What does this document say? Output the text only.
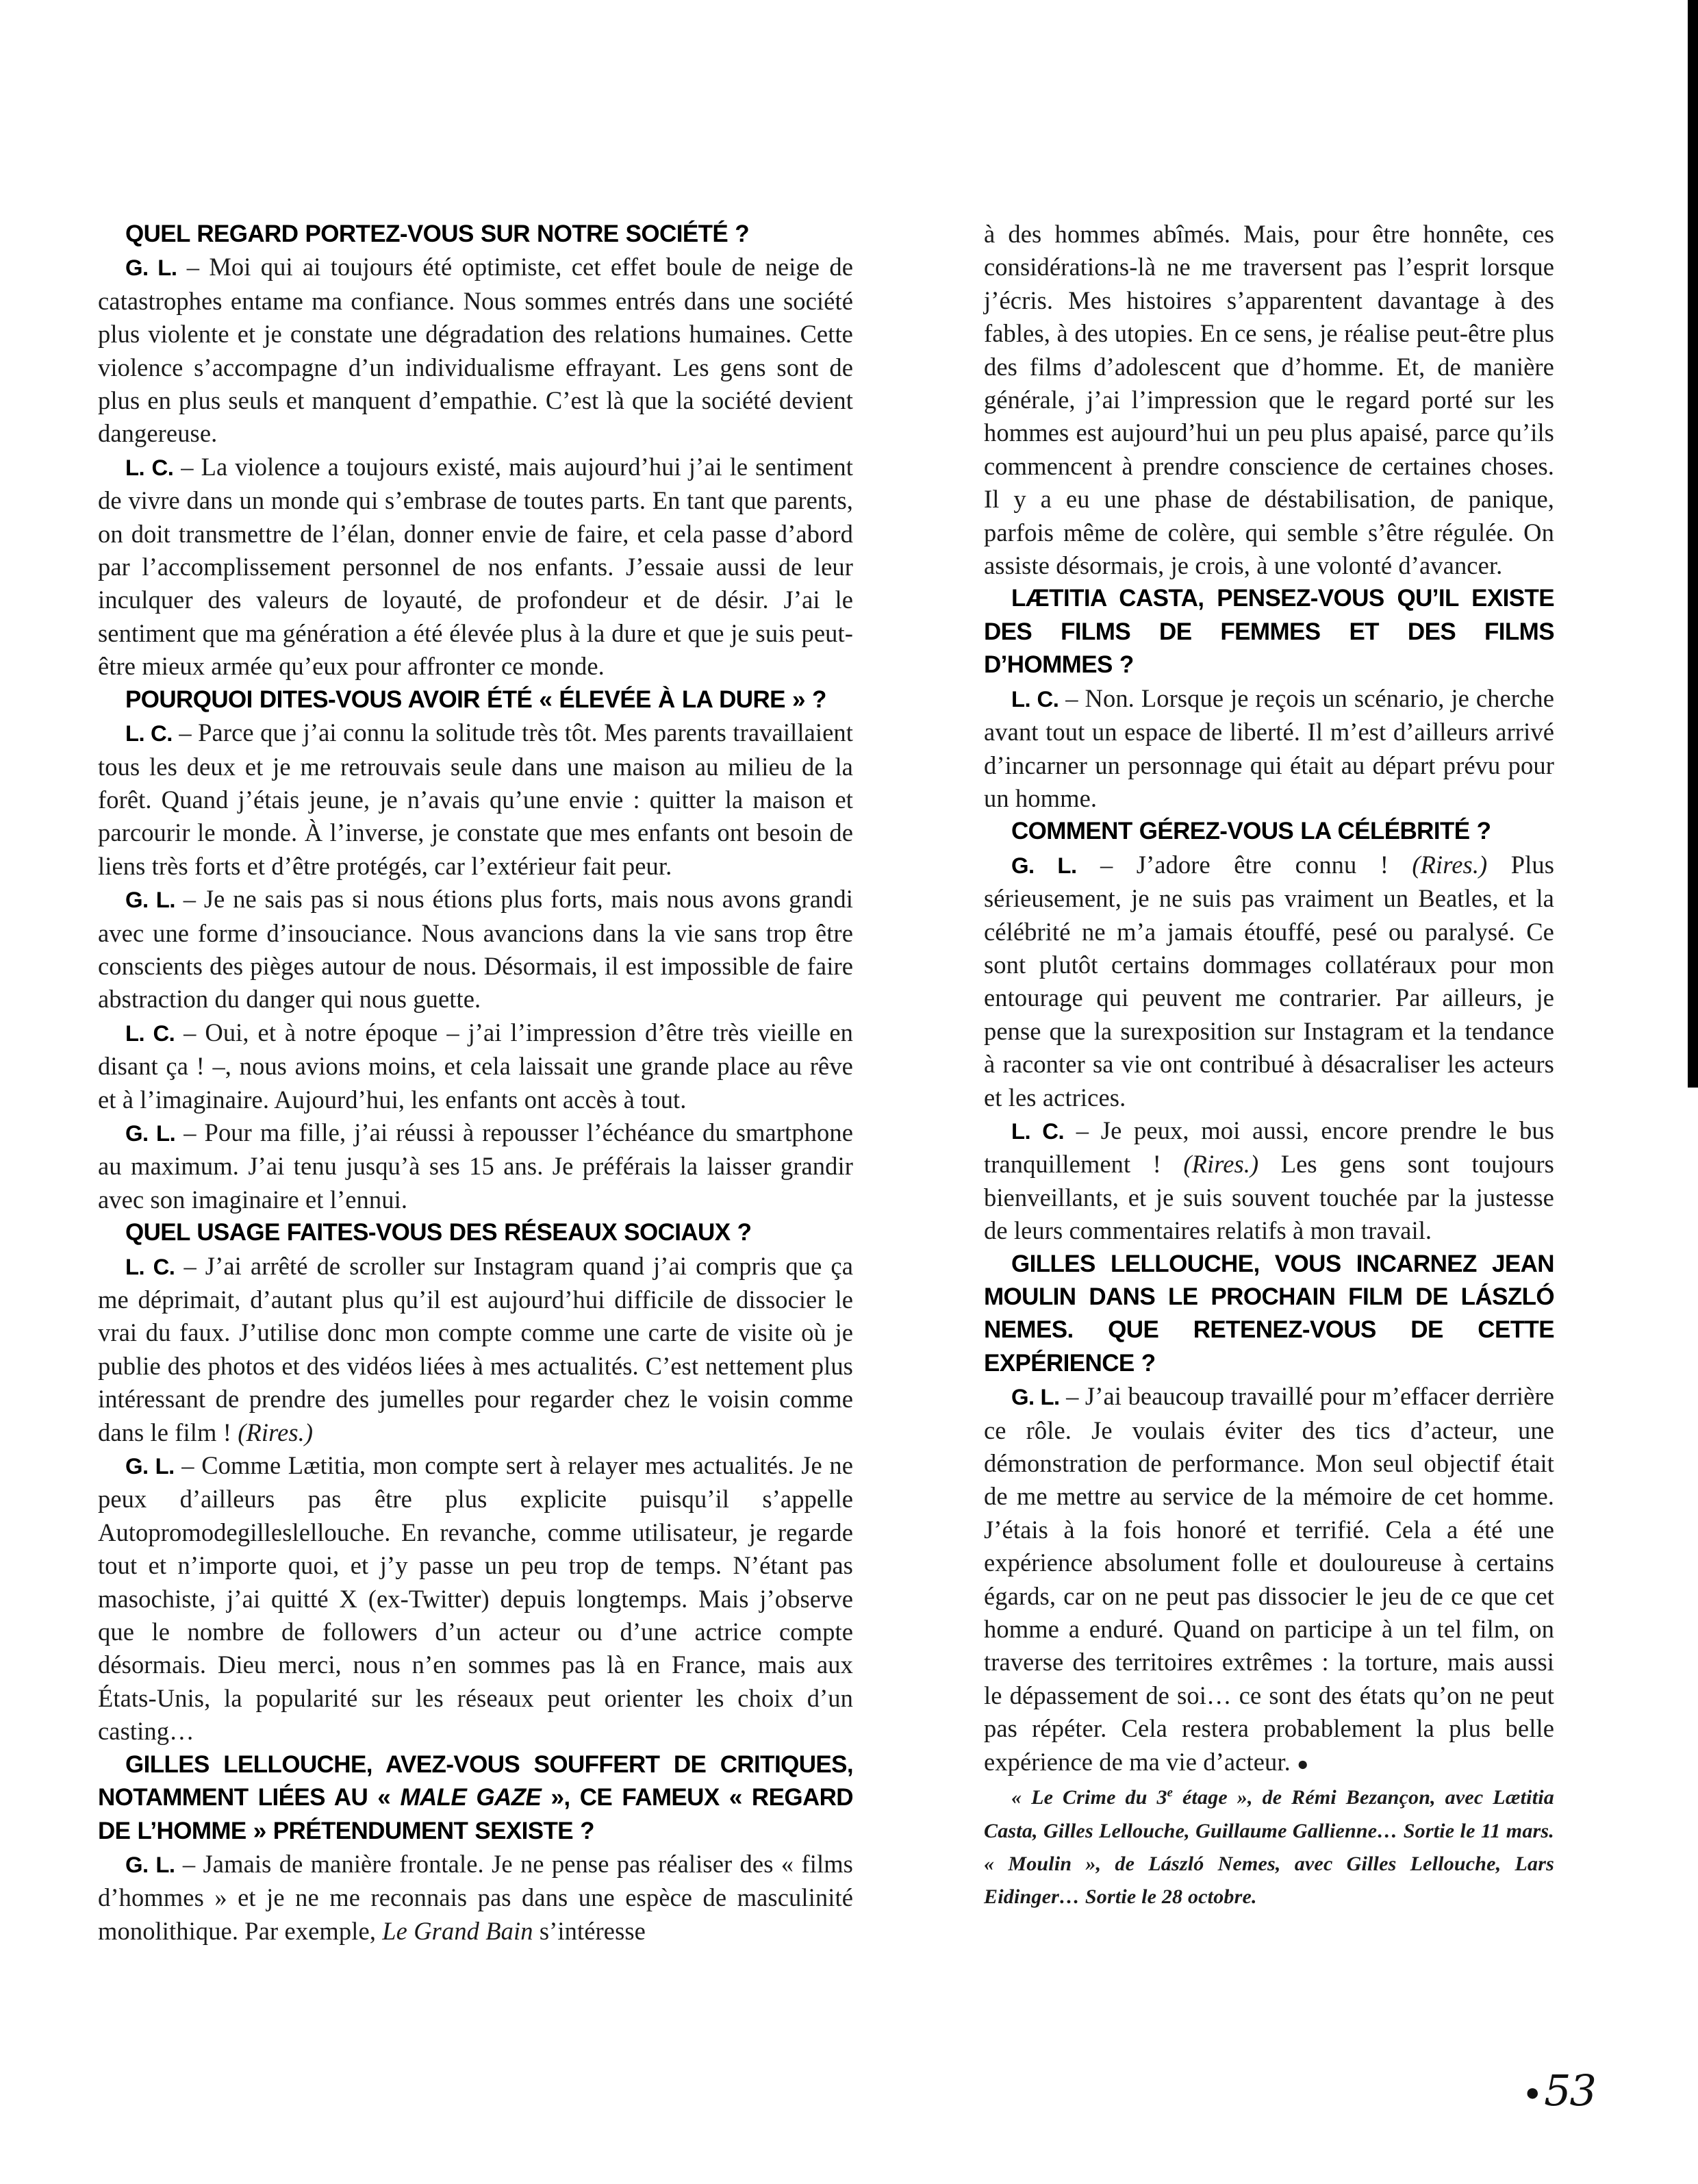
QUEL REGARD PORTEZ-VOUS SUR NOTRE SOCIÉTÉ ?

G. L. – Moi qui ai toujours été optimiste, cet effet boule de neige de catastrophes entame ma confiance. Nous sommes entrés dans une société plus violente et je constate une dégradation des relations humaines. Cette violence s’accompagne d’un individualisme effrayant. Les gens sont de plus en plus seuls et manquent d’empathie. C’est là que la société devient dangereuse.

L. C. – La violence a toujours existé, mais aujourd’hui j’ai le sentiment de vivre dans un monde qui s’embrase de toutes parts. En tant que parents, on doit transmettre de l’élan, donner envie de faire, et cela passe d’abord par l’accomplissement personnel de nos enfants. J’essaie aussi de leur inculquer des valeurs de loyauté, de profondeur et de désir. J’ai le sentiment que ma génération a été élevée plus à la dure et que je suis peut-être mieux armée qu’eux pour affronter ce monde.

POURQUOI DITES-VOUS AVOIR ÉTÉ « ÉLEVÉE À LA DURE » ?

L. C. – Parce que j’ai connu la solitude très tôt. Mes parents travaillaient tous les deux et je me retrouvais seule dans une maison au milieu de la forêt. Quand j’étais jeune, je n’avais qu’une envie : quitter la maison et parcourir le monde. À l’inverse, je constate que mes enfants ont besoin de liens très forts et d’être protégés, car l’extérieur fait peur.

G. L. – Je ne sais pas si nous étions plus forts, mais nous avons grandi avec une forme d’insouciance. Nous avancions dans la vie sans trop être conscients des pièges autour de nous. Désormais, il est impossible de faire abstraction du danger qui nous guette.

L. C. – Oui, et à notre époque – j’ai l’impression d’être très vieille en disant ça ! –, nous avions moins, et cela laissait une grande place au rêve et à l’imaginaire. Aujourd’hui, les enfants ont accès à tout.

G. L. – Pour ma fille, j’ai réussi à repousser l’échéance du smartphone au maximum. J’ai tenu jusqu’à ses 15 ans. Je préférais la laisser grandir avec son imaginaire et l’ennui.

QUEL USAGE FAITES-VOUS DES RÉSEAUX SOCIAUX ?

L. C. – J’ai arrêté de scroller sur Instagram quand j’ai compris que ça me déprimait, d’autant plus qu’il est aujourd’hui difficile de dissocier le vrai du faux. J’utilise donc mon compte comme une carte de visite où je publie des photos et des vidéos liées à mes actualités. C’est nettement plus intéressant de prendre des jumelles pour regarder chez le voisin comme dans le film ! (Rires.)

G. L. – Comme Lætitia, mon compte sert à relayer mes actualités. Je ne peux d’ailleurs pas être plus explicite puisqu’il s’appelle Autopromodegilleslellouche. En revanche, comme utilisateur, je regarde tout et n’importe quoi, et j’y passe un peu trop de temps. N’étant pas masochiste, j’ai quitté X (ex-Twitter) depuis longtemps. Mais j’observe que le nombre de followers d’un acteur ou d’une actrice compte désormais. Dieu merci, nous n’en sommes pas là en France, mais aux États-Unis, la popularité sur les réseaux peut orienter les choix d’un casting…

GILLES LELLOUCHE, AVEZ-VOUS SOUFFERT DE CRITIQUES, NOTAMMENT LIÉES AU « MALE GAZE », CE FAMEUX « REGARD DE L’HOMME » PRÉTENDUMENT SEXISTE ?

G. L. – Jamais de manière frontale. Je ne pense pas réaliser des « films d’hommes » et je ne me reconnais pas dans une espèce de masculinité monolithique. Par exemple, Le Grand Bain s’intéresse

à des hommes abîmés. Mais, pour être honnête, ces considérations-là ne me traversent pas l’esprit lorsque j’écris. Mes histoires s’apparentent davantage à des fables, à des utopies. En ce sens, je réalise peut-être plus des films d’adolescent que d’homme. Et, de manière générale, j’ai l’impression que le regard porté sur les hommes est aujourd’hui un peu plus apaisé, parce qu’ils commencent à prendre conscience de certaines choses. Il y a eu une phase de déstabilisation, de panique, parfois même de colère, qui semble s’être régulée. On assiste désormais, je crois, à une volonté d’avancer.

LÆTITIA CASTA, PENSEZ-VOUS QU’IL EXISTE DES FILMS DE FEMMES ET DES FILMS D’HOMMES ?

L. C. – Non. Lorsque je reçois un scénario, je cherche avant tout un espace de liberté. Il m’est d’ailleurs arrivé d’incarner un personnage qui était au départ prévu pour un homme.

COMMENT GÉREZ-VOUS LA CÉLÉBRITÉ ?

G. L. – J’adore être connu ! (Rires.) Plus sérieusement, je ne suis pas vraiment un Beatles, et la célébrité ne m’a jamais étouffé, pesé ou paralysé. Ce sont plutôt certains dommages collatéraux pour mon entourage qui peuvent me contrarier. Par ailleurs, je pense que la surexposition sur Instagram et la tendance à raconter sa vie ont contribué à désacraliser les acteurs et les actrices.

L. C. – Je peux, moi aussi, encore prendre le bus tranquillement ! (Rires.) Les gens sont toujours bienveillants, et je suis souvent touchée par la justesse de leurs commentaires relatifs à mon travail.

GILLES LELLOUCHE, VOUS INCARNEZ JEAN MOULIN DANS LE PROCHAIN FILM DE LÁSZLÓ NEMES. QUE RETENEZ-VOUS DE CETTE EXPÉRIENCE ?

G. L. – J’ai beaucoup travaillé pour m’effacer derrière ce rôle. Je voulais éviter des tics d’acteur, une démonstration de performance. Mon seul objectif était de me mettre au service de la mémoire de cet homme. J’étais à la fois honoré et terrifié. Cela a été une expérience absolument folle et douloureuse à certains égards, car on ne peut pas dissocier le jeu de ce que cet homme a enduré. Quand on participe à un tel film, on traverse des territoires extrêmes : la torture, mais aussi le dépassement de soi… ce sont des états qu’on ne peut pas répéter. Cela restera probablement la plus belle expérience de ma vie d’acteur. ●

« Le Crime du 3e étage », de Rémi Bezançon, avec Lætitia Casta, Gilles Lellouche, Guillaume Gallienne… Sortie le 11 mars. « Moulin », de László Nemes, avec Gilles Lellouche, Lars Eidinger… Sortie le 28 octobre.

● 53
